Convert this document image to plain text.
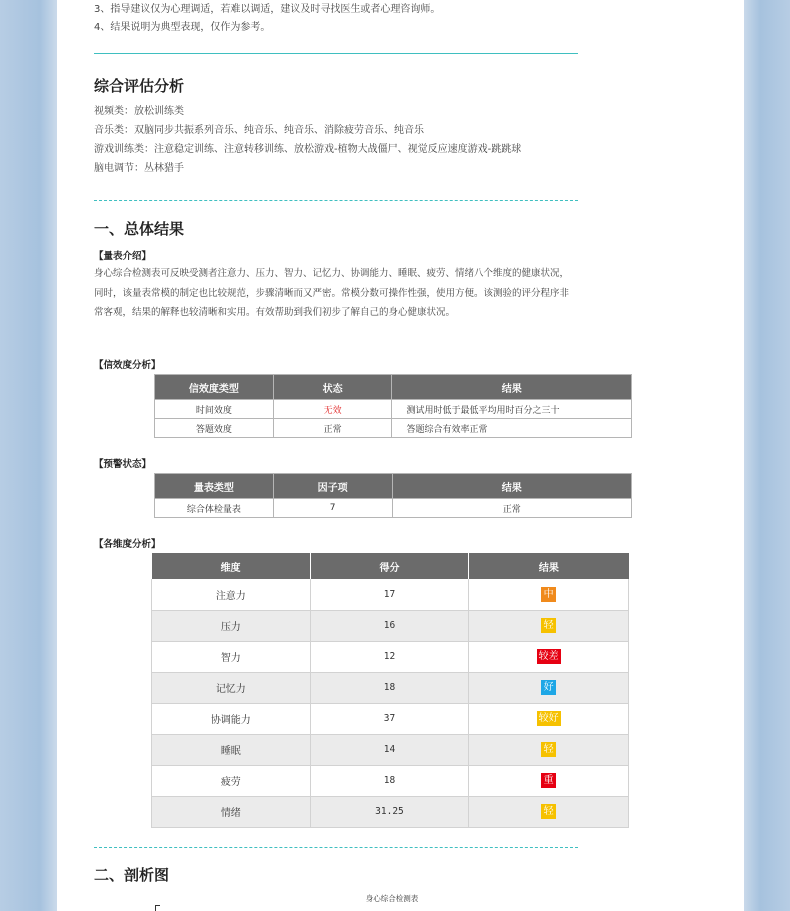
3、指导建议仅为心理调适，若难以调适，建议及时寻找医生或者心理咨询师。
4、结果说明为典型表现，仅作为参考。
综合评估分析
视频类：放松训练类
音乐类：双脑同步共振系列音乐、纯音乐、纯音乐、消除疲劳音乐、纯音乐
游戏训练类：注意稳定训练、注意转移训练、放松游戏-植物大战僵尸、视觉反应速度游戏-跳跳球
脑电调节：丛林猎手
一、总体结果
【量表介绍】
身心综合检测表可反映受测者注意力、压力、智力、记忆力、协调能力、睡眠、疲劳、情绪八个维度的健康状况，同时，该量表常模的制定也比较规范，步骤清晰而又严密。常模分数可操作性强，使用方便。该测验的评分程序非常客观，结果的解释也较清晰和实用。有效帮助到我们初步了解自己的身心健康状况。
【信效度分析】
信效度类型	状态	结果
时间效度	无效	测试用时低于最低平均用时百分之三十
答题效度	正常	答题综合有效率正常
【预警状态】
量表类型	因子项	结果
综合体检量表	7	正常
【各维度分析】
维度	得分	结果
注意力	17	中
压力	16	轻
智力	12	较差
记忆力	18	好
协调能力	37	较好
睡眠	14	轻
疲劳	18	重
情绪	31.25	轻
二、剖析图
身心综合检测表
